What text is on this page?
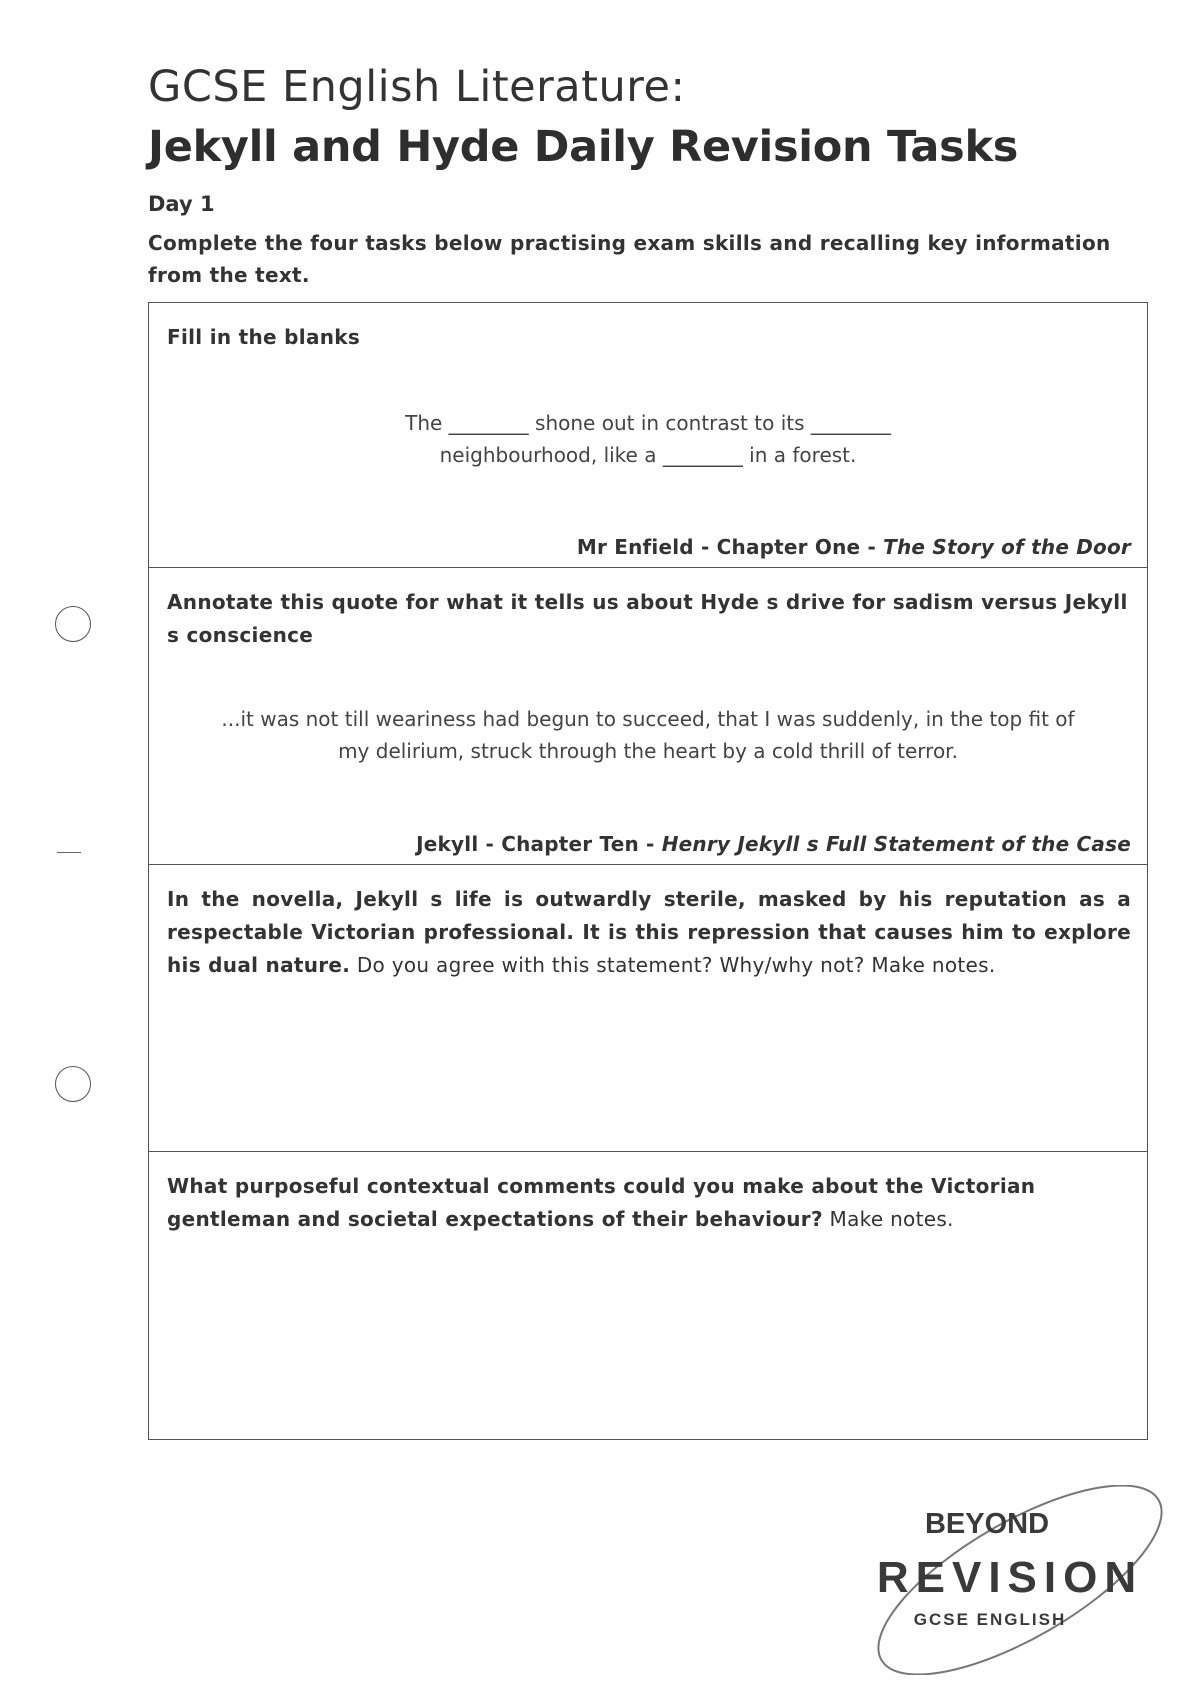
GCSE English Literature:
Jekyll and Hyde Daily Revision Tasks
Day 1
Complete the four tasks below practising exam skills and recalling key information from the text.
Fill in the blanks
The ________ shone out in contrast to its ________
neighbourhood, like a ________ in a forest.
Mr Enfield - Chapter One - The Story of the Door
Annotate this quote for what it tells us about Hyde s drive for sadism versus Jekyll s conscience
...it was not till weariness had begun to succeed, that I was suddenly, in the top fit of
my delirium, struck through the heart by a cold thrill of terror.
Jekyll - Chapter Ten - Henry Jekyll s Full Statement of the Case
In the novella, Jekyll s life is outwardly sterile, masked by his reputation as a respectable Victorian professional. It is this repression that causes him to explore his dual nature. Do you agree with this statement? Why/why not? Make notes.
What purposeful contextual comments could you make about the Victorian gentleman and societal expectations of their behaviour? Make notes.
BEYOND
REVISION
GCSE ENGLISH
